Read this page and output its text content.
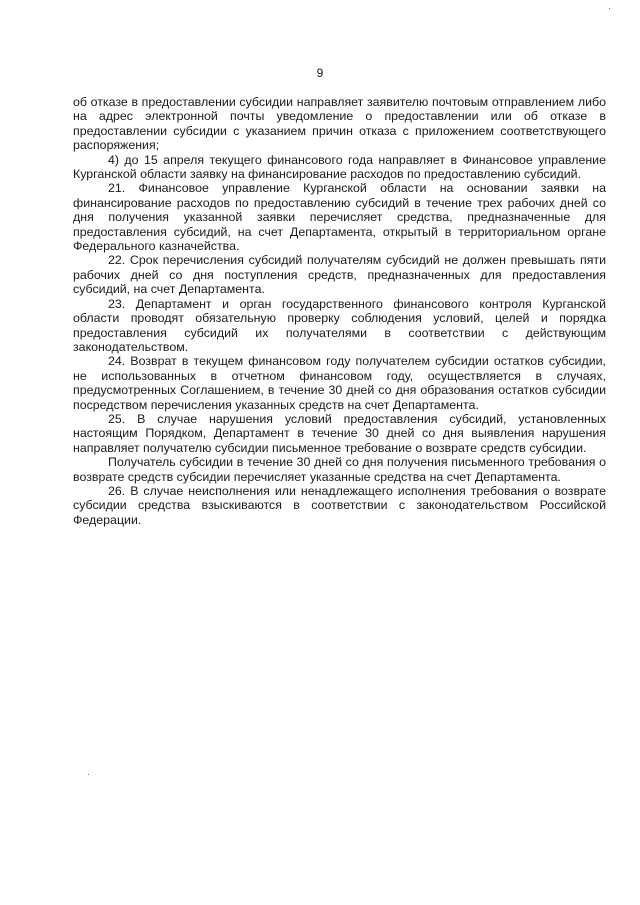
9

об отказе в предоставлении субсидии направляет заявителю почтовым отправлением либо на адрес электронной почты уведомление о предоставлении или об отказе в предоставлении субсидии с указанием причин отказа с приложением соответствующего распоряжения;

4) до 15 апреля текущего финансового года направляет в Финансовое управление Курганской области заявку на финансирование расходов по предоставлению субсидий.

21. Финансовое управление Курганской области на основании заявки на финансирование расходов по предоставлению субсидий в течение трех рабочих дней со дня получения указанной заявки перечисляет средства, предназначенные для предоставления субсидий, на счет Департамента, открытый в территориальном органе Федерального казначейства.

22. Срок перечисления субсидий получателям субсидий не должен превышать пяти рабочих дней со дня поступления средств, предназначенных для предоставления субсидий, на счет Департамента.

23. Департамент и орган государственного финансового контроля Курганской области проводят обязательную проверку соблюдения условий, целей и порядка предоставления субсидий их получателями в соответствии с действующим законодательством.

24. Возврат в текущем финансовом году получателем субсидии остатков субсидии, не использованных в отчетном финансовом году, осуществляется в случаях, предусмотренных Соглашением, в течение 30 дней со дня образования остатков субсидии посредством перечисления указанных средств на счет Департамента.

25. В случае нарушения условий предоставления субсидий, установленных настоящим Порядком, Департамент в течение 30 дней со дня выявления нарушения направляет получателю субсидии письменное требование о возврате средств субсидии.

Получатель субсидии в течение 30 дней со дня получения письменного требования о возврате средств субсидии перечисляет указанные средства на счет Департамента.

26. В случае неисполнения или ненадлежащего исполнения требования о возврате субсидии средства взыскиваются в соответствии с законодательством Российской Федерации.
